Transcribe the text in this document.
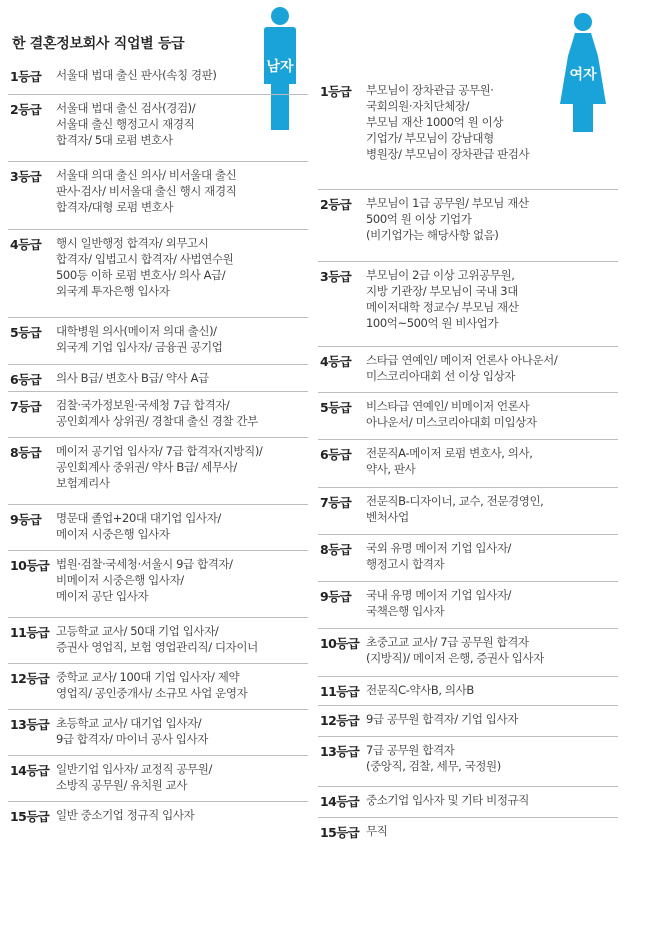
한 결혼정보회사 직업별 등급
남자	여자
1등급	서울대 법대 출신 판사(속칭 경판)
2등급	서울대 법대 출신 검사(경검)/
서울대 출신 행정고시 재경직
합격자/ 5대 로펌 변호사
3등급	서울대 의대 출신 의사/ 비서울대 출신
판사·검사/ 비서울대 출신 행시 재경직
합격자/대형 로펌 변호사
4등급	행시 일반행정 합격자/ 외무고시
합격자/ 입법고시 합격자/ 사법연수원
500등 이하 로펌 변호사/ 의사 A급/
외국계 투자은행 입사자
5등급	대학병원 의사(메이저 의대 출신)/
외국계 기업 입사자/ 금융권 공기업
6등급	의사 B급/ 변호사 B급/ 약사 A급
7등급	검찰·국가정보원·국세청 7급 합격자/
공인회계사 상위권/ 경찰대 출신 경찰 간부
8등급	메이저 공기업 입사자/ 7급 합격자(지방직)/
공인회계사 중위권/ 약사 B급/ 세무사/
보험계리사
9등급	명문대 졸업+20대 대기업 입사자/
메이저 시중은행 입사자
10등급 법원·검찰·국세청·서울시 9급 합격자/
비메이저 시중은행 입사자/
메이저 공단 입사자
11등급 고등학교 교사/ 50대 기업 입사자/
증권사 영업직, 보험 영업관리직/ 디자이너
12등급 중학교 교사/ 100대 기업 입사자/ 제약
영업직/ 공인중개사/ 소규모 사업 운영자
13등급 초등학교 교사/ 대기업 입사자/
9급 합격자/ 마이너 공사 입사자
14등급 일반기업 입사자/ 교정직 공무원/
소방직 공무원/ 유치원 교사
15등급 일반 중소기업 정규직 입사자
1등급	부모님이 장차관급 공무원·
국회의원·자치단체장/
부모님 재산 1000억 원 이상
기업가/ 부모님이 강남대형
병원장/ 부모님이 장차관급 판검사
2등급	부모님이 1급 공무원/ 부모님 재산
500억 원 이상 기업가
(비기업가는 해당사항 없음)
3등급	부모님이 2급 이상 고위공무원,
지방 기관장/ 부모님이 국내 3대
메이저대학 정교수/ 부모님 재산
100억~500억 원 비사업가
4등급	스타급 연예인/ 메이저 언론사 아나운서/
미스코리아대회 선 이상 입상자
5등급	비스타급 연예인/ 비메이저 언론사
아나운서/ 미스코리아대회 미입상자
6등급	전문직A-메이저 로펌 변호사, 의사,
약사, 판사
7등급	전문직B-디자이너, 교수, 전문경영인,
벤처사업
8등급	국외 유명 메이저 기업 입사자/
행정고시 합격자
9등급	국내 유명 메이저 기업 입사자/
국책은행 입사자
10등급 초중고교 교사/ 7급 공무원 합격자
(지방직)/ 메이저 은행, 증권사 입사자
11등급 전문직C-약사B, 의사B
12등급 9급 공무원 합격자/ 기업 입사자
13등급 7급 공무원 합격자
(중앙직, 검찰, 세무, 국정원)
14등급 중소기업 입사자 및 기타 비정규직
15등급 무직
